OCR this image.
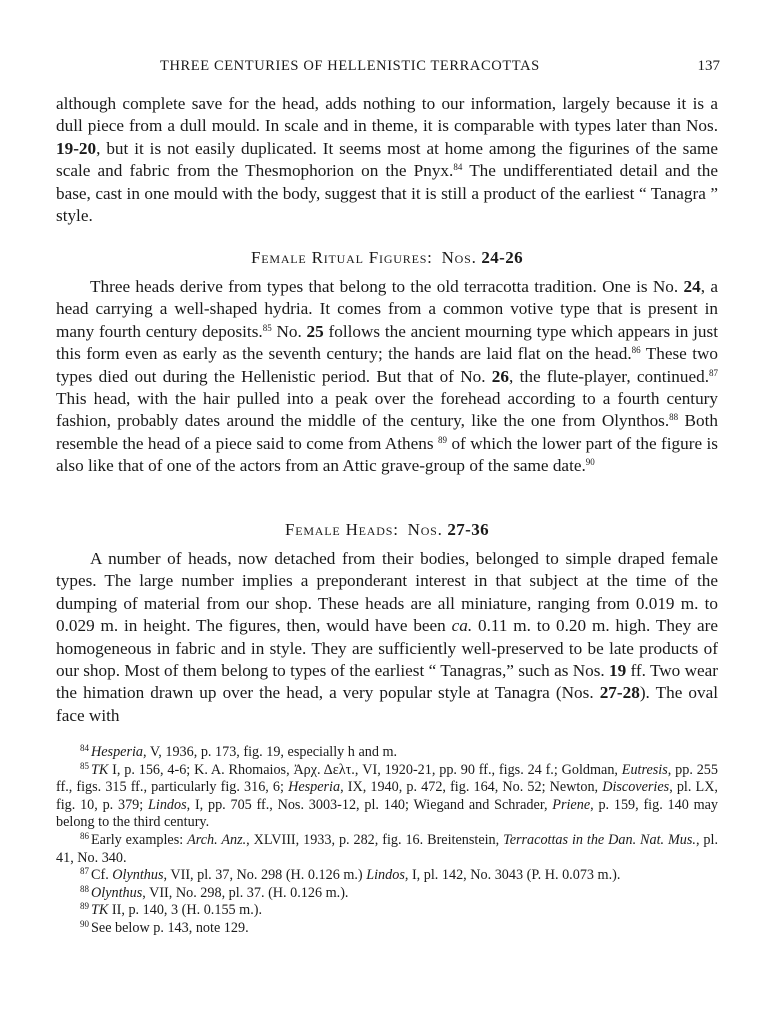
THREE CENTURIES OF HELLENISTIC TERRACOTTAS	137

although complete save for the head, adds nothing to our information, largely because it is a dull piece from a dull mould. In scale and in theme, it is comparable with types later than Nos. 19-20, but it is not easily duplicated. It seems most at home among the figurines of the same scale and fabric from the Thesmophorion on the Pnyx.$^{84}$ The undifferentiated detail and the base, cast in one mould with the body, suggest that it is still a product of the earliest “ Tanagra ” style.

Female Ritual Figures: Nos. 24-26

Three heads derive from types that belong to the old terracotta tradition. One is No. 24, a head carrying a well-shaped hydria. It comes from a common votive type that is present in many fourth century deposits.$^{85}$ No. 25 follows the ancient mourning type which appears in just this form even as early as the seventh century; the hands are laid flat on the head.$^{86}$ These two types died out during the Hellenistic period. But that of No. 26, the flute-player, continued.$^{87}$ This head, with the hair pulled into a peak over the forehead according to a fourth century fashion, probably dates around the middle of the century, like the one from Olynthos.$^{88}$ Both resemble the head of a piece said to come from Athens $^{89}$ of which the lower part of the figure is also like that of one of the actors from an Attic grave-group of the same date.$^{90}$

Female Heads: Nos. 27-36

A number of heads, now detached from their bodies, belonged to simple draped female types. The large number implies a preponderant interest in that subject at the time of the dumping of material from our shop. These heads are all miniature, ranging from 0.019 m. to 0.029 m. in height. The figures, then, would have been ca. 0.11 m. to 0.20 m. high. They are homogeneous in fabric and in style. They are sufficiently well-preserved to be late products of our shop. Most of them belong to types of the earliest “ Tanagras,” such as Nos. 19 ff. Two wear the himation drawn up over the head, a very popular style at Tanagra (Nos. 27-28). The oval face with

$^{84}$ Hesperia, V, 1936, p. 173, fig. 19, especially h and m.

$^{85}$ TK I, p. 156, 4-6; K. A. Rhomaios, Ἀρχ. Δελτ., VI, 1920-21, pp. 90 ff., figs. 24 f.; Goldman, Eutresis, pp. 255 ff., figs. 315 ff., particularly fig. 316, 6; Hesperia, IX, 1940, p. 472, fig. 164, No. 52; Newton, Discoveries, pl. LX, fig. 10, p. 379; Lindos, I, pp. 705 ff., Nos. 3003-12, pl. 140; Wiegand and Schrader, Priene, p. 159, fig. 140 may belong to the third century.

$^{86}$ Early examples: Arch. Anz., XLVIII, 1933, p. 282, fig. 16. Breitenstein, Terracottas in the Dan. Nat. Mus., pl. 41, No. 340.

$^{87}$ Cf. Olynthus, VII, pl. 37, No. 298 (H. 0.126 m.) Lindos, I, pl. 142, No. 3043 (P. H. 0.073 m.).

$^{88}$ Olynthus, VII, No. 298, pl. 37. (H. 0.126 m.).

$^{89}$ TK II, p. 140, 3 (H. 0.155 m.).

$^{90}$ See below p. 143, note 129.
